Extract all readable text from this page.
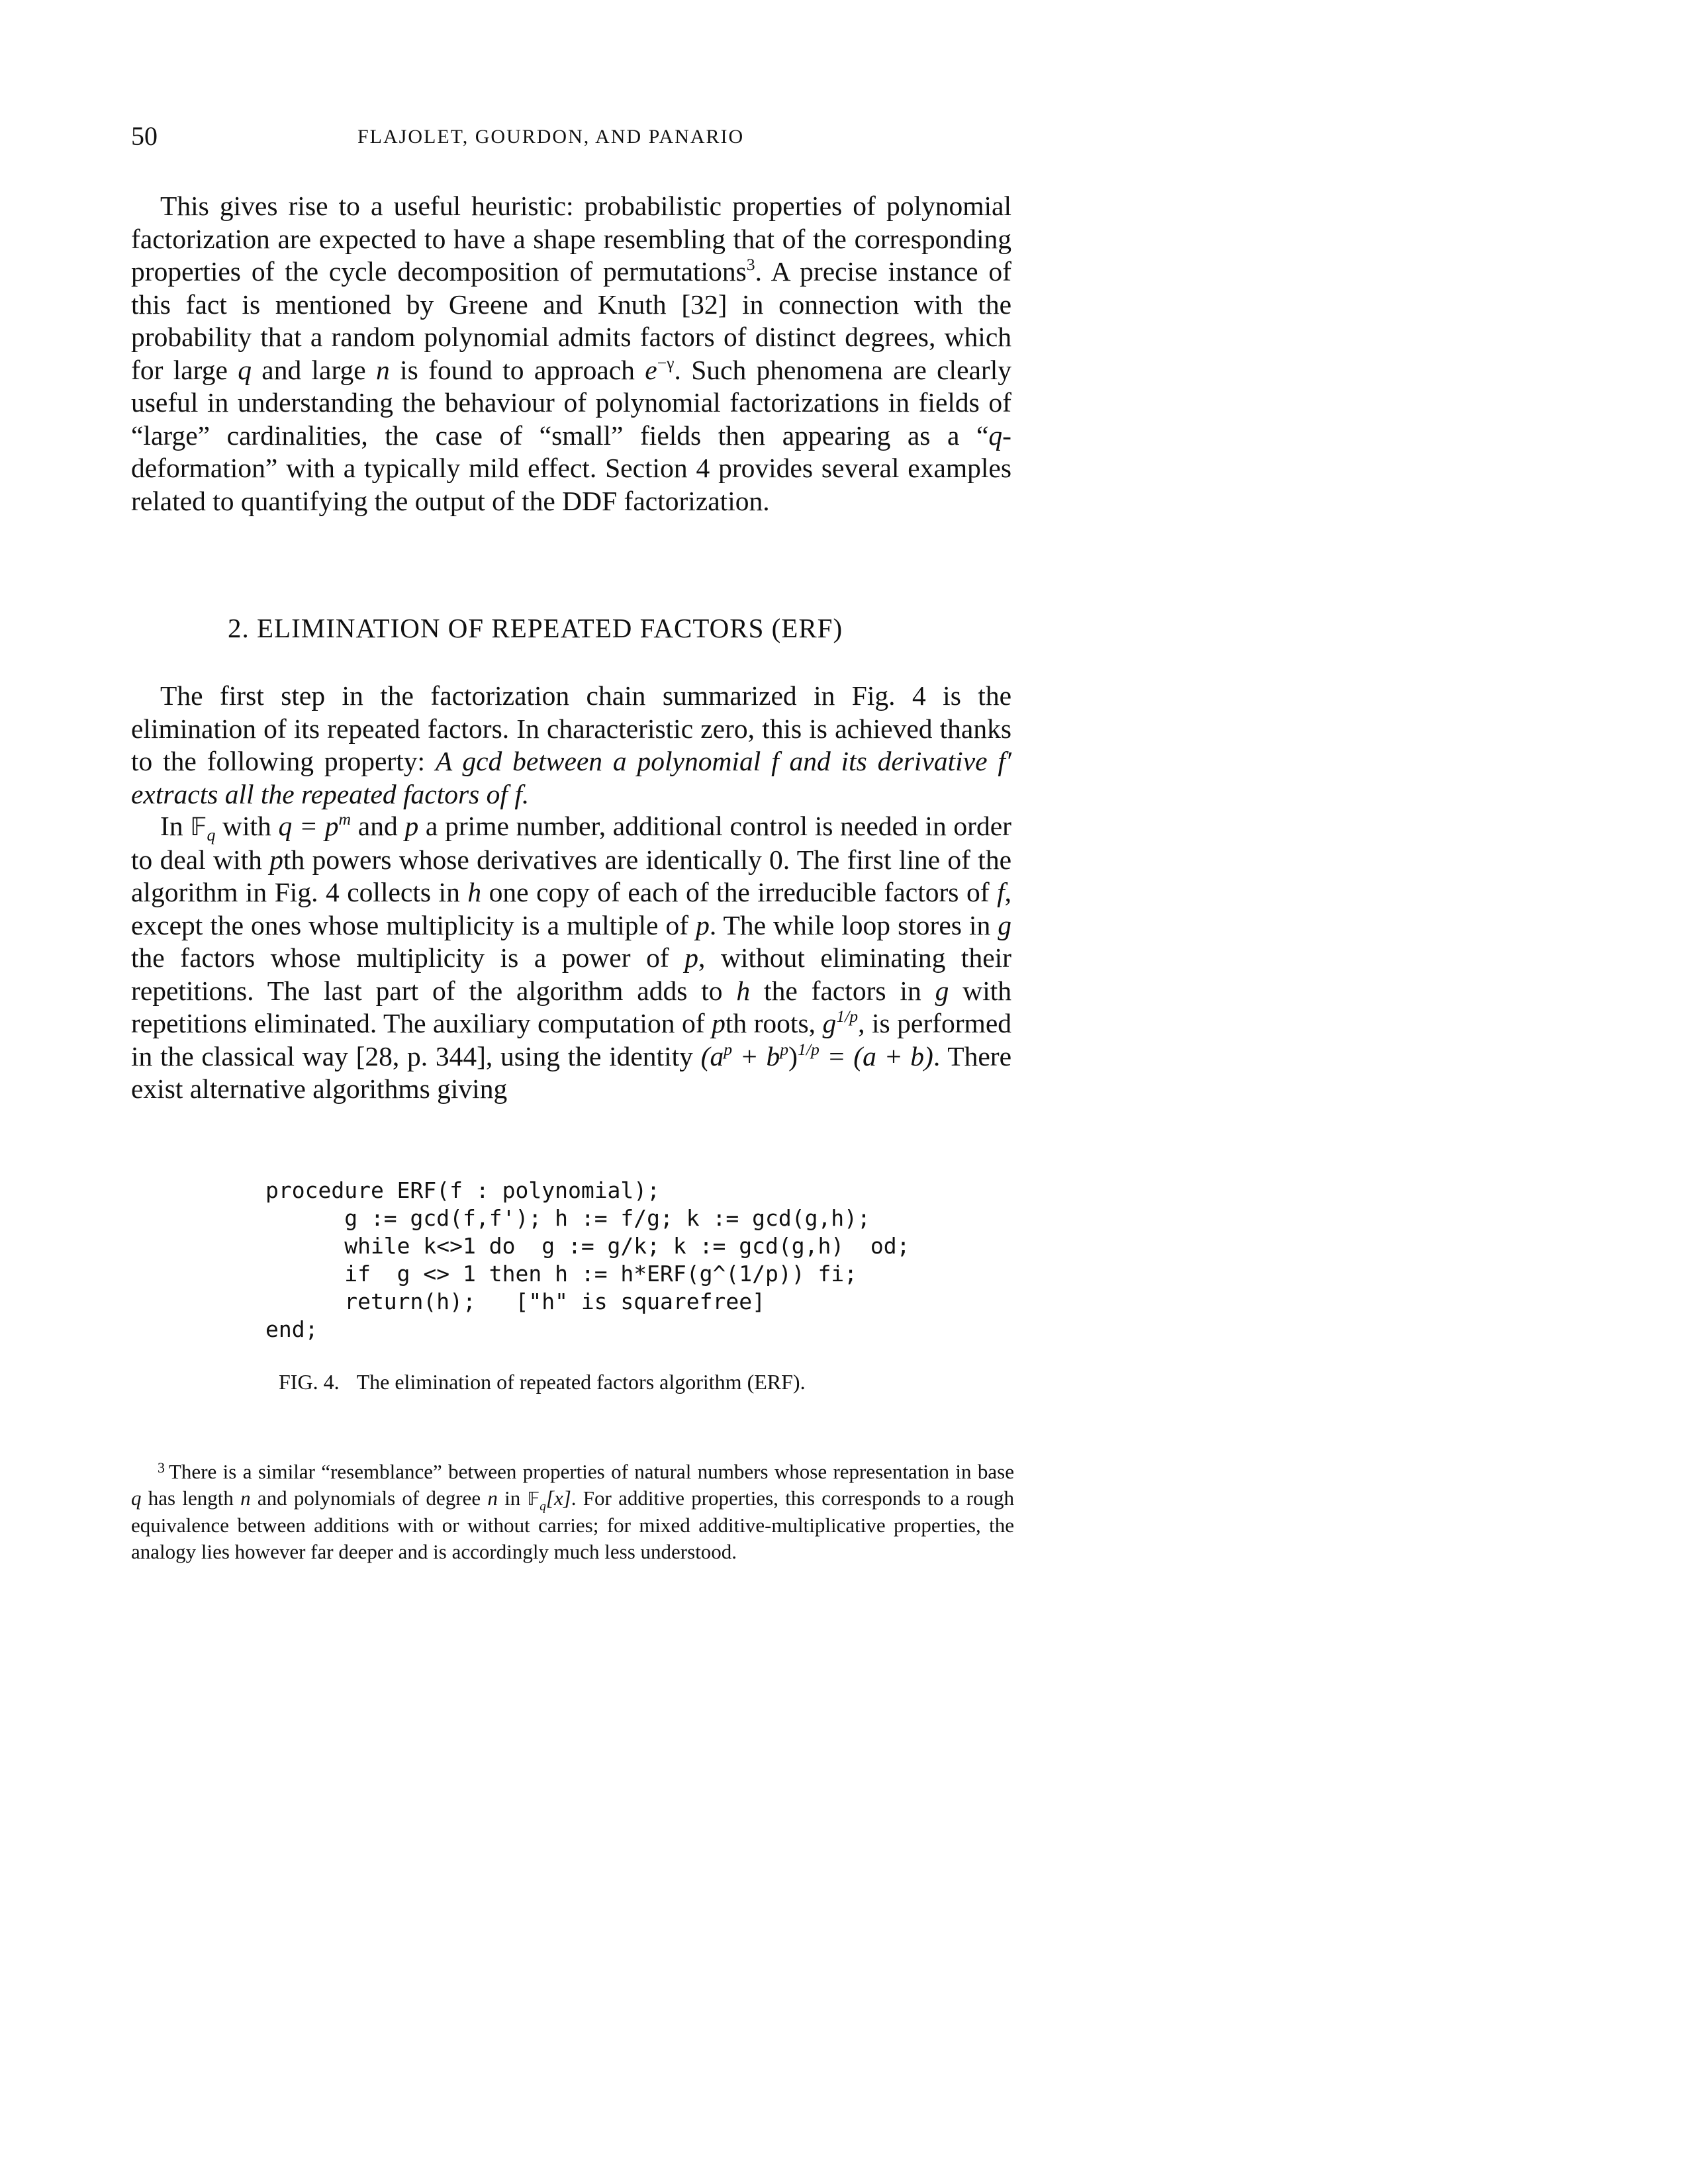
50	FLAJOLET, GOURDON, AND PANARIO

This gives rise to a useful heuristic: probabilistic properties of polynomial factorization are expected to have a shape resembling that of the corresponding properties of the cycle decomposition of permutations$^3$. A precise instance of this fact is mentioned by Greene and Knuth [32] in connection with the probability that a random polynomial admits factors of distinct degrees, which for large q and large n is found to approach $e^{-\gamma}$. Such phenomena are clearly useful in understanding the behaviour of polynomial factorizations in fields of “large” cardinalities, the case of “small” fields then appearing as a “q-deformation” with a typically mild effect. Section 4 provides several examples related to quantifying the output of the DDF factorization.

2. ELIMINATION OF REPEATED FACTORS (ERF)

The first step in the factorization chain summarized in Fig. 4 is the elimination of its repeated factors. In characteristic zero, this is achieved thanks to the following property: A gcd between a polynomial f and its derivative f′ extracts all the repeated factors of f.

In 𝔽$_q$ with $q = p^m$ and p a prime number, additional control is needed in order to deal with pth powers whose derivatives are identically 0. The first line of the algorithm in Fig. 4 collects in h one copy of each of the irreducible factors of f, except the ones whose multiplicity is a multiple of p. The while loop stores in g the factors whose multiplicity is a power of p, without eliminating their repetitions. The last part of the algorithm adds to h the factors in g with repetitions eliminated. The auxiliary computation of pth roots, $g^{1/p}$, is performed in the classical way [28, p. 344], using the identity $(a^p + b^p)^{1/p} = (a + b)$. There exist alternative algorithms giving

procedure ERF(f : polynomial);
g := gcd(f,f'); h := f/g; k := gcd(g,h);
while k<>1 do  g := g/k; k := gcd(g,h)  od;
if  g <> 1 then h := h*ERF(g^(1/p)) fi;
return(h);   ["h" is squarefree]
end;
FIG. 4. The elimination of repeated factors algorithm (ERF).

$^3$ There is a similar “resemblance” between properties of natural numbers whose representation in base q has length n and polynomials of degree n in 𝔽$_q$[x]. For additive properties, this corresponds to a rough equivalence between additions with or without carries; for mixed additive-multiplicative properties, the analogy lies however far deeper and is accordingly much less understood.
